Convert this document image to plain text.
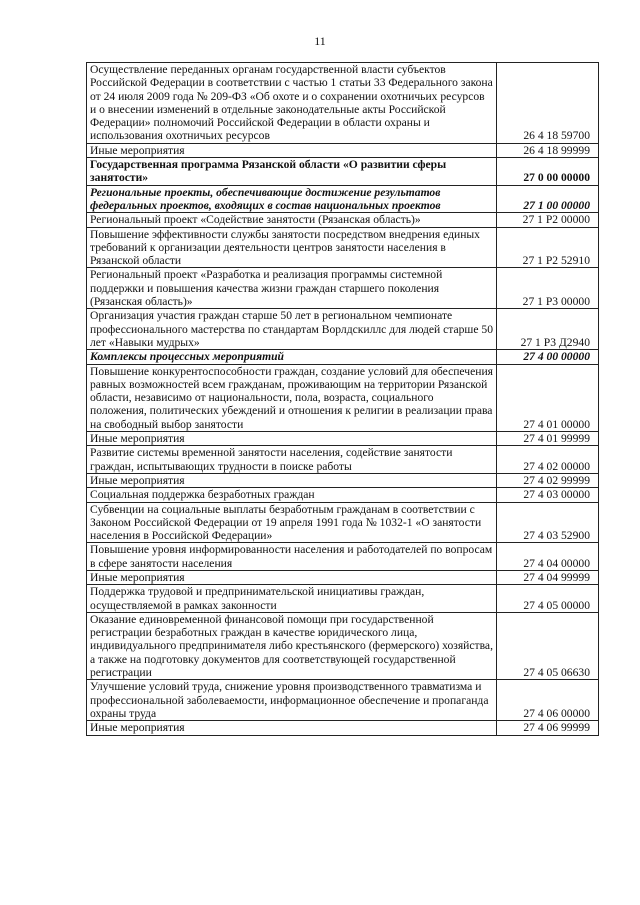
11
Осуществление переданных органам государственной власти субъектов Российской Федерации в соответствии с частью 1 статьи 33 Федерального закона от 24 июля 2009 года № 209-ФЗ «Об охоте и о сохранении охотничьих ресурсов и о внесении изменений в отдельные законодательные акты Российской Федерации» полномочий Российской Федерации в области охраны и использования охотничьих ресурсов	26 4 18 59700
Иные мероприятия	26 4 18 99999
Государственная программа Рязанской области «О развитии сферы занятости»	27 0 00 00000
Региональные проекты, обеспечивающие достижение результатов федеральных проектов, входящих в состав национальных проектов	27 1 00 00000
Региональный проект «Содействие занятости (Рязанская область)»	27 1 Р2 00000
Повышение эффективности службы занятости посредством внедрения единых требований к организации деятельности центров занятости населения в Рязанской области	27 1 Р2 52910
Региональный проект «Разработка и реализация программы системной поддержки и повышения качества жизни граждан старшего поколения (Рязанская область)»	27 1 Р3 00000
Организация участия граждан старше 50 лет в региональном чемпионате профессионального мастерства по стандартам Ворлдскиллс для людей старше 50 лет «Навыки мудрых»	27 1 Р3 Д2940
Комплексы процессных мероприятий	27 4 00 00000
Повышение конкурентоспособности граждан, создание условий для обеспечения равных возможностей всем гражданам, проживающим на территории Рязанской области, независимо от национальности, пола, возраста, социального положения, политических убеждений и отношения к религии в реализации права на свободный выбор занятости	27 4 01 00000
Иные мероприятия	27 4 01 99999
Развитие системы временной занятости населения, содействие занятости граждан, испытывающих трудности в поиске работы	27 4 02 00000
Иные мероприятия	27 4 02 99999
Социальная поддержка безработных граждан	27 4 03 00000
Субвенции на социальные выплаты безработным гражданам в соответствии с Законом Российской Федерации от 19 апреля 1991 года № 1032-1 «О занятости населения в Российской Федерации»	27 4 03 52900
Повышение уровня информированности населения и работодателей по вопросам в сфере занятости населения	27 4 04 00000
Иные мероприятия	27 4 04 99999
Поддержка трудовой и предпринимательской инициативы граждан, осуществляемой в рамках законности	27 4 05 00000
Оказание единовременной финансовой помощи при государственной регистрации безработных граждан в качестве юридического лица, индивидуального предпринимателя либо крестьянского (фермерского) хозяйства, а также на подготовку документов для соответствующей государственной регистрации	27 4 05 06630
Улучшение условий труда, снижение уровня производственного травматизма и профессиональной заболеваемости, информационное обеспечение и пропаганда охраны труда	27 4 06 00000
Иные мероприятия	27 4 06 99999
